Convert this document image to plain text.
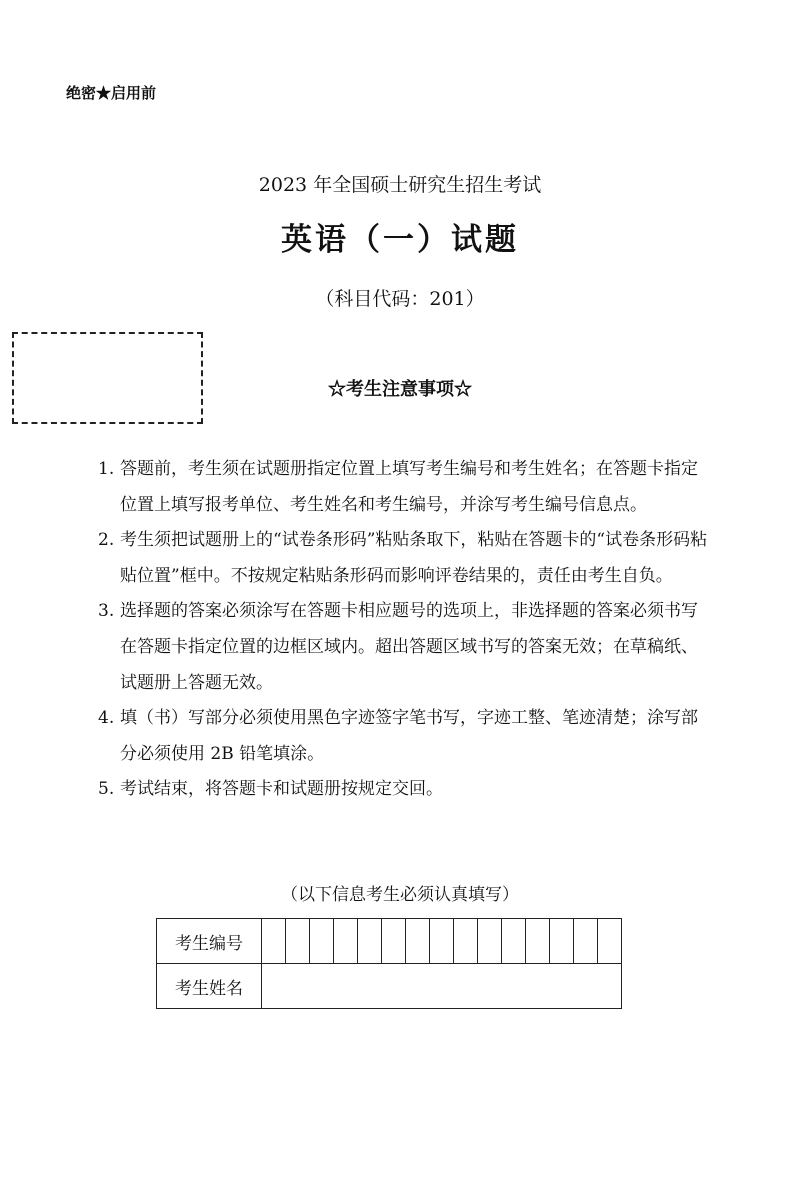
绝密★启用前
2023 年全国硕士研究生招生考试
英语（一）试题
（科目代码：201）
☆考生注意事项☆
1. 答题前，考生须在试题册指定位置上填写考生编号和考生姓名；在答题卡指定位置上填写报考单位、考生姓名和考生编号，并涂写考生编号信息点。
2. 考生须把试题册上的“试卷条形码”粘贴条取下，粘贴在答题卡的“试卷条形码粘贴位置”框中。不按规定粘贴条形码而影响评卷结果的，责任由考生自负。
3. 选择题的答案必须涂写在答题卡相应题号的选项上，非选择题的答案必须书写在答题卡指定位置的边框区域内。超出答题区域书写的答案无效；在草稿纸、试题册上答题无效。
4. 填（书）写部分必须使用黑色字迹签字笔书写，字迹工整、笔迹清楚；涂写部分必须使用 2B 铅笔填涂。
5. 考试结束，将答题卡和试题册按规定交回。
（以下信息考生必须认真填写）
考生编号															
考生姓名															
